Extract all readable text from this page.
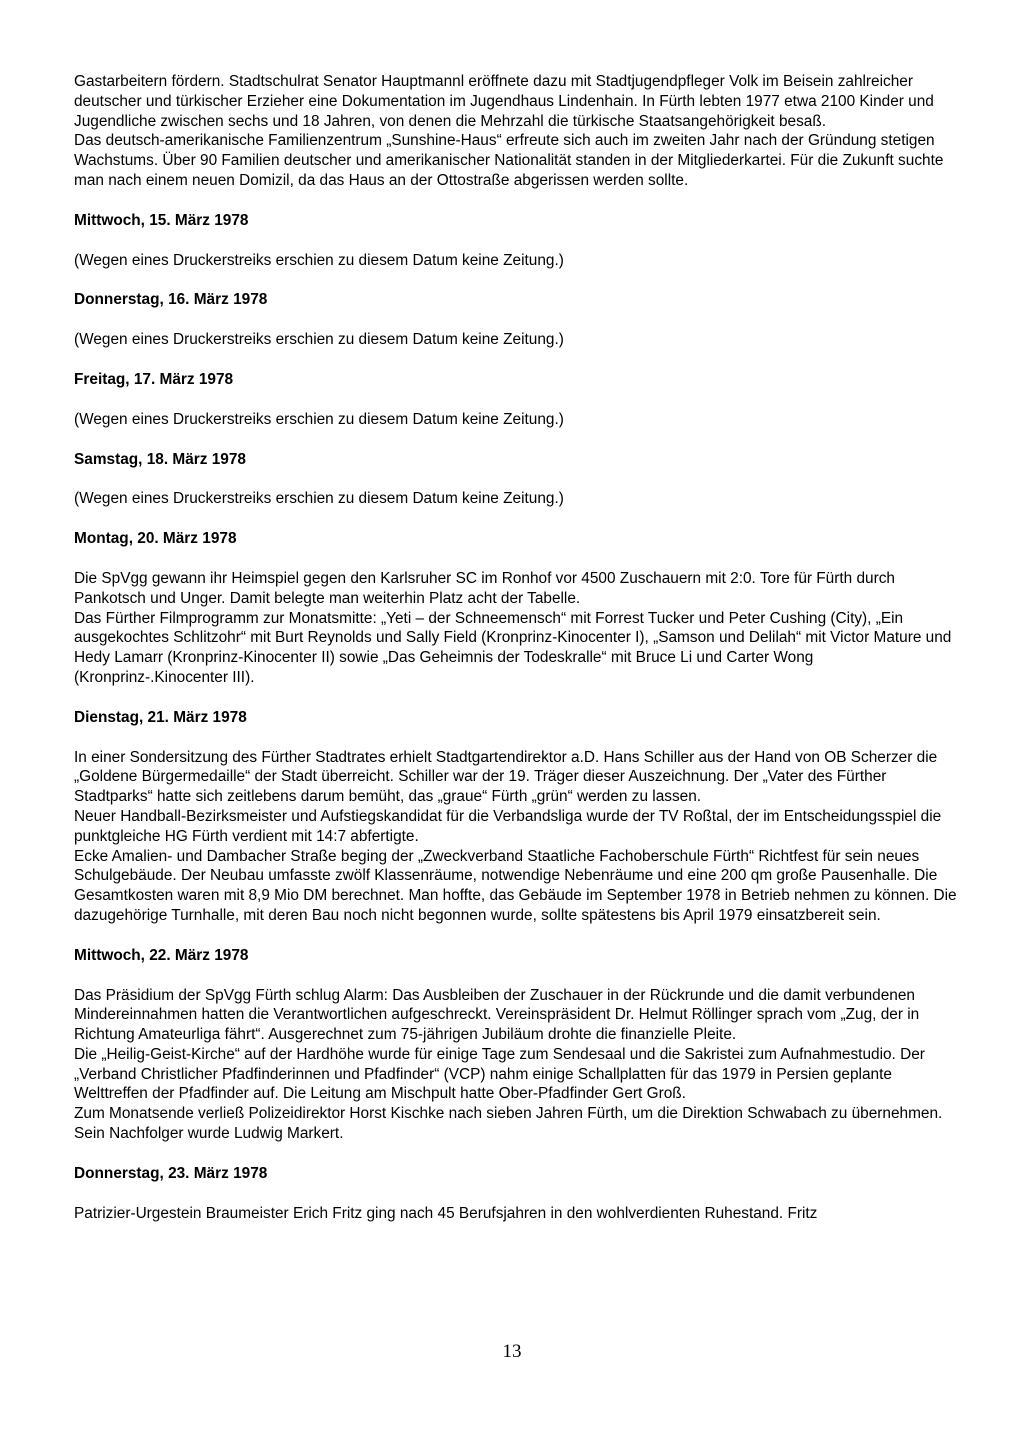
Gastarbeitern fördern. Stadtschulrat Senator Hauptmannl eröffnete dazu mit Stadtjugendpfleger Volk im Beisein zahlreicher deutscher und türkischer Erzieher eine Dokumentation im Jugendhaus Lindenhain. In Fürth lebten 1977 etwa 2100 Kinder und Jugendliche zwischen sechs und 18 Jahren, von denen die Mehrzahl die türkische Staatsangehörigkeit besaß.

Das deutsch-amerikanische Familienzentrum „Sunshine-Haus“ erfreute sich auch im zweiten Jahr nach der Gründung stetigen Wachstums. Über 90 Familien deutscher und amerikanischer Nationalität standen in der Mitgliederkartei. Für die Zukunft suchte man nach einem neuen Domizil, da das Haus an der Ottostraße abgerissen werden sollte.

Mittwoch, 15. März 1978

(Wegen eines Druckerstreiks erschien zu diesem Datum keine Zeitung.)

Donnerstag, 16. März 1978

(Wegen eines Druckerstreiks erschien zu diesem Datum keine Zeitung.)

Freitag, 17. März 1978

(Wegen eines Druckerstreiks erschien zu diesem Datum keine Zeitung.)

Samstag, 18. März 1978

(Wegen eines Druckerstreiks erschien zu diesem Datum keine Zeitung.)

Montag, 20. März 1978

Die SpVgg gewann ihr Heimspiel gegen den Karlsruher SC im Ronhof vor 4500 Zuschauern mit 2:0. Tore für Fürth durch Pankotsch und Unger. Damit belegte man weiterhin Platz acht der Tabelle.

Das Fürther Filmprogramm zur Monatsmitte: „Yeti – der Schneemensch“ mit Forrest Tucker und Peter Cushing (City), „Ein ausgekochtes Schlitzohr“ mit Burt Reynolds und Sally Field (Kronprinz-Kinocenter I), „Samson und Delilah“ mit Victor Mature und Hedy Lamarr (Kronprinz-Kinocenter II) sowie „Das Geheimnis der Todeskralle“ mit Bruce Li und Carter Wong (Kronprinz-.Kinocenter III).

Dienstag, 21. März 1978

In einer Sondersitzung des Fürther Stadtrates erhielt Stadtgartendirektor a.D. Hans Schiller aus der Hand von OB Scherzer die „Goldene Bürgermedaille“ der Stadt überreicht. Schiller war der 19. Träger dieser Auszeichnung. Der „Vater des Fürther Stadtparks“ hatte sich zeitlebens darum bemüht, das „graue“ Fürth „grün“ werden zu lassen.

Neuer Handball-Bezirksmeister und Aufstiegskandidat für die Verbandsliga wurde der TV Roßtal, der im Entscheidungsspiel die punktgleiche HG Fürth verdient mit 14:7 abfertigte.

Ecke Amalien- und Dambacher Straße beging der „Zweckverband Staatliche Fachoberschule Fürth“ Richtfest für sein neues Schulgebäude. Der Neubau umfasste zwölf Klassenräume, notwendige Nebenräume und eine 200 qm große Pausenhalle. Die Gesamtkosten waren mit 8,9 Mio DM berechnet. Man hoffte, das Gebäude im September 1978 in Betrieb nehmen zu können. Die dazugehörige Turnhalle, mit deren Bau noch nicht begonnen wurde, sollte spätestens bis April 1979 einsatzbereit sein.

Mittwoch, 22. März 1978

Das Präsidium der SpVgg Fürth schlug Alarm: Das Ausbleiben der Zuschauer in der Rückrunde und die damit verbundenen Mindereinnahmen hatten die Verantwortlichen aufgeschreckt. Vereinspräsident Dr. Helmut Röllinger sprach vom „Zug, der in Richtung Amateurliga fährt“. Ausgerechnet zum 75-jährigen Jubiläum drohte die finanzielle Pleite.

Die „Heilig-Geist-Kirche“ auf der Hardhöhe wurde für einige Tage zum Sendesaal und die Sakristei zum Aufnahmestudio. Der „Verband Christlicher Pfadfinderinnen und Pfadfinder“ (VCP) nahm einige Schallplatten für das 1979 in Persien geplante Welttreffen der Pfadfinder auf. Die Leitung am Mischpult hatte Ober-Pfadfinder Gert Groß.

Zum Monatsende verließ Polizeidirektor Horst Kischke nach sieben Jahren Fürth, um die Direktion Schwabach zu übernehmen. Sein Nachfolger wurde Ludwig Markert.

Donnerstag, 23. März 1978

Patrizier-Urgestein Braumeister Erich Fritz ging nach 45 Berufsjahren in den wohlverdienten Ruhestand. Fritz

13
